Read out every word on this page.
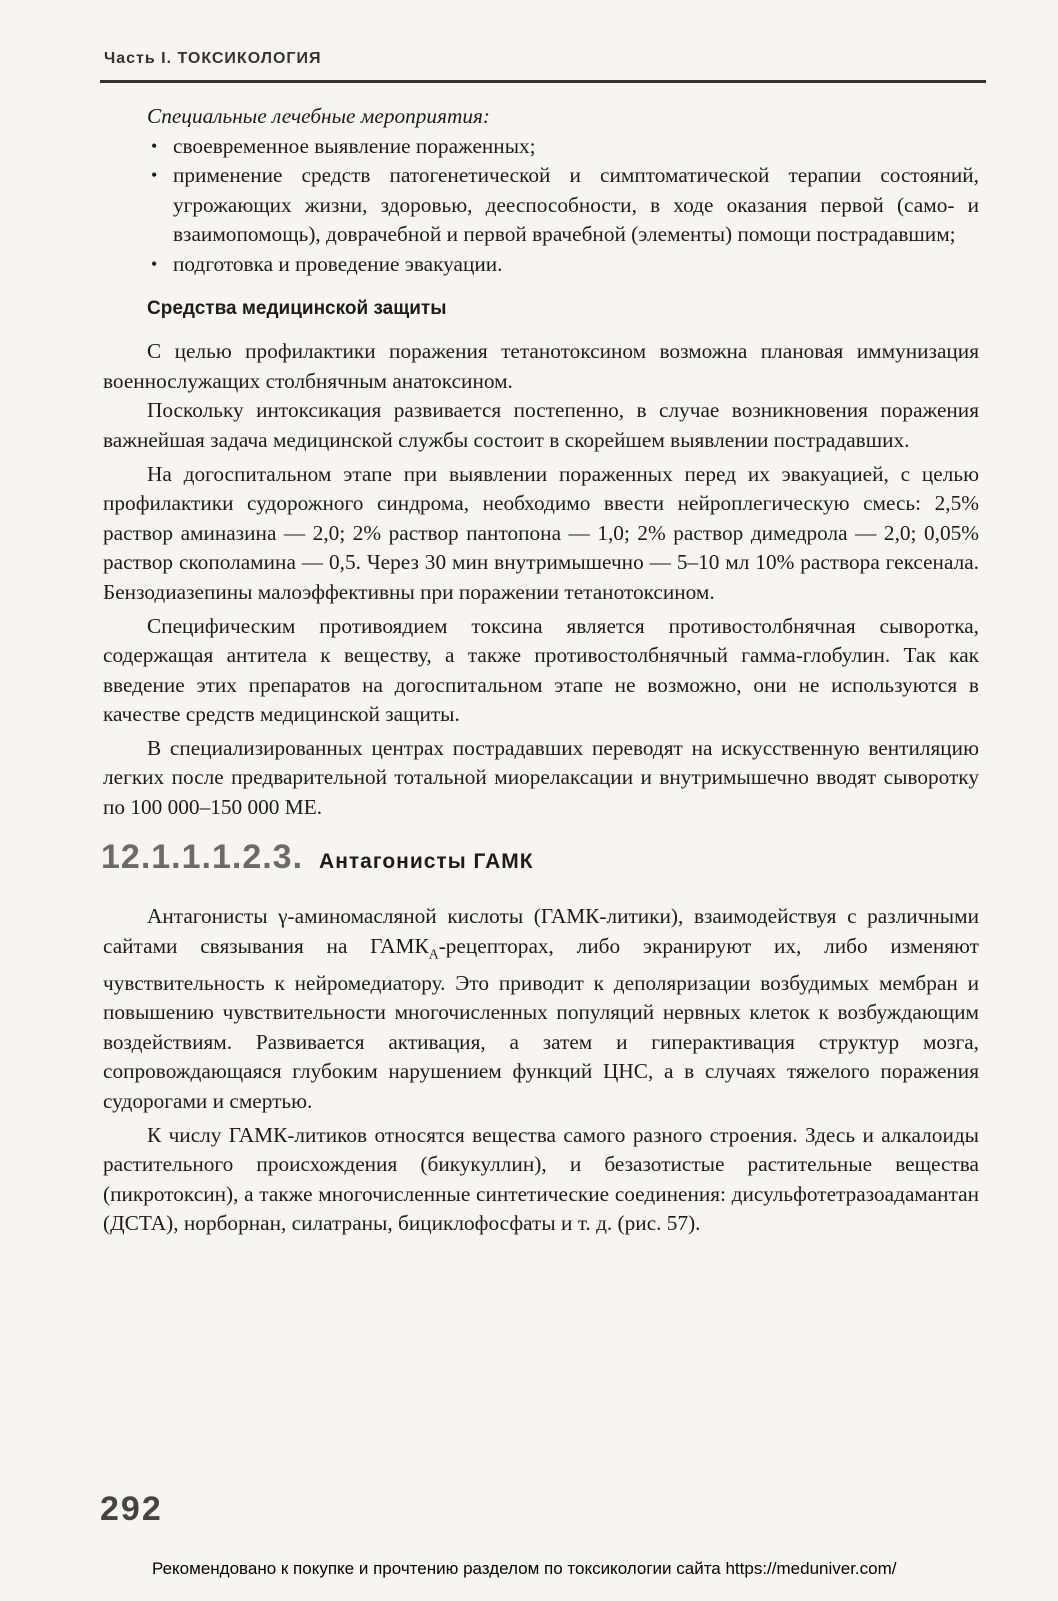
Часть I. ТОКСИКОЛОГИЯ
Специальные лечебные мероприятия:
• своевременное выявление пораженных;
• применение средств патогенетической и симптоматической терапии состояний, угрожающих жизни, здоровью, дееспособности, в ходе оказания первой (само- и взаимопомощь), доврачебной и первой врачебной (элементы) помощи пострадавшим;
• подготовка и проведение эвакуации.
Средства медицинской защиты

С целью профилактики поражения тетанотоксином возможна плановая иммунизация военнослужащих столбнячным анатоксином.

Поскольку интоксикация развивается постепенно, в случае возникновения поражения важнейшая задача медицинской службы состоит в скорейшем выявлении пострадавших.

На догоспитальном этапе при выявлении пораженных перед их эвакуацией, с целью профилактики судорожного синдрома, необходимо ввести нейроплегическую смесь: 2,5% раствор аминазина — 2,0; 2% раствор пантопона — 1,0; 2% раствор димедрола — 2,0; 0,05% раствор скополамина — 0,5. Через 30 мин внутримышечно — 5–10 мл 10% раствора гексенала. Бензодиазепины малоэффективны при поражении тетанотоксином.

Специфическим противоядием токсина является противостолбнячная сыворотка, содержащая антитела к веществу, а также противостолбнячный гамма-глобулин. Так как введение этих препаратов на догоспитальном этапе не возможно, они не используются в качестве средств медицинской защиты.

В специализированных центрах пострадавших переводят на искусственную вентиляцию легких после предварительной тотальной миорелаксации и внутримышечно вводят сыворотку по 100 000–150 000 МЕ.

12.1.1.1.2.3. Антагонисты ГАМК

Антагонисты γ-аминомасляной кислоты (ГАМК-литики), взаимодействуя с различными сайтами связывания на $ГАМК_А$-рецепторах, либо экранируют их, либо изменяют чувствительность к нейромедиатору. Это приводит к деполяризации возбудимых мембран и повышению чувствительности многочисленных популяций нервных клеток к возбуждающим воздействиям. Развивается активация, а затем и гиперактивация структур мозга, сопровождающаяся глубоким нарушением функций ЦНС, а в случаях тяжелого поражения судорогами и смертью.

К числу ГАМК-литиков относятся вещества самого разного строения. Здесь и алкалоиды растительного происхождения (бикукуллин), и безазотистые растительные вещества (пикротоксин), а также многочисленные синтетические соединения: дисульфотетразоадамантан (ДСТА), норборнан, силатраны, бициклофосфаты и т. д. (рис. 57).

292
Рекомендовано к покупке и прочтению разделом по токсикологии сайта https://meduniver.com/
